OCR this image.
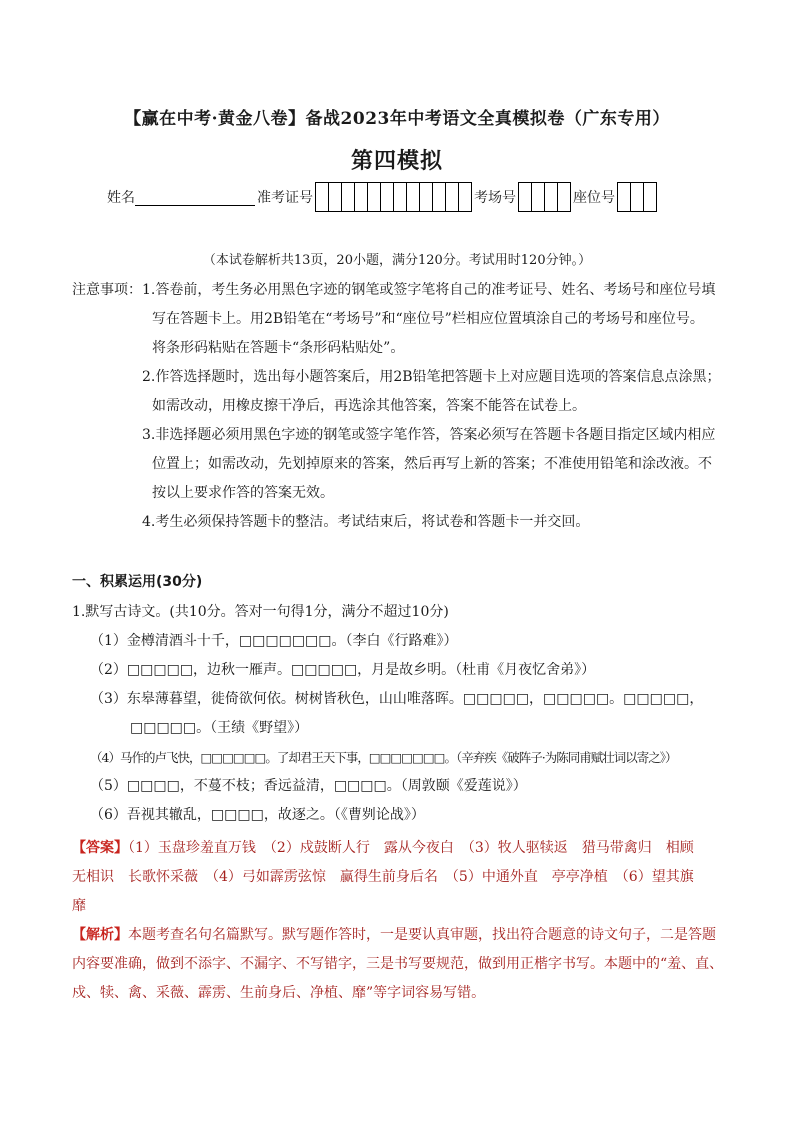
【赢在中考·黄金八卷】备战2023年中考语文全真模拟卷（广东专用）
第四模拟
姓名	准考证号	考场号	座位号
（本试卷解析共13页，20小题，满分120分。考试用时120分钟。）
注意事项：1.答卷前，考生务必用黑色字迹的钢笔或签字笔将自己的准考证号、姓名、考场号和座位号填
写在答题卡上。用2B铅笔在“考场号”和“座位号”栏相应位置填涂自己的考场号和座位号。
将条形码粘贴在答题卡“条形码粘贴处”。
2.作答选择题时，选出每小题答案后，用2B铅笔把答题卡上对应题目选项的答案信息点涂黑；
如需改动，用橡皮擦干净后，再选涂其他答案，答案不能答在试卷上。
3.非选择题必须用黑色字迹的钢笔或签字笔作答，答案必须写在答题卡各题目指定区域内相应
位置上；如需改动，先划掉原来的答案，然后再写上新的答案；不准使用铅笔和涂改液。不
按以上要求作答的答案无效。
4.考生必须保持答题卡的整洁。考试结束后，将试卷和答题卡一并交回。
一、积累运用(30分)
1.默写古诗文。(共10分。答对一句得1分，满分不超过10分)
（1）金樽清酒斗十千，□□□□□□□。（李白《行路难》）
（2）□□□□□，边秋一雁声。□□□□□，月是故乡明。（杜甫《月夜忆舍弟》）
（3）东皋薄暮望，徙倚欲何依。树树皆秋色，山山唯落晖。□□□□□，□□□□□。□□□□□，
□□□□□。（王绩《野望》）
（4）马作的卢飞快，□□□□□□。了却君王天下事，□□□□□□□。（辛弃疾《破阵子·为陈同甫赋壮词以寄之》）
（5）□□□□，不蔓不枝；香远益清，□□□□。（周敦颐《爱莲说》）
（6）吾视其辙乱，□□□□，故逐之。（《曹刿论战》）
【答案】（1）玉盘珍羞直万钱　（2）戍鼓断人行　露从今夜白　（3）牧人驱犊返　猎马带禽归　相顾
无相识　长歌怀采薇　（4）弓如霹雳弦惊　赢得生前身后名　（5）中通外直　亭亭净植　（6）望其旗
靡
【解析】本题考查名句名篇默写。默写题作答时，一是要认真审题，找出符合题意的诗文句子，二是答题
内容要准确，做到不添字、不漏字、不写错字，三是书写要规范，做到用正楷字书写。本题中的“羞、直、
戍、犊、禽、采薇、霹雳、生前身后、净植、靡”等字词容易写错。
